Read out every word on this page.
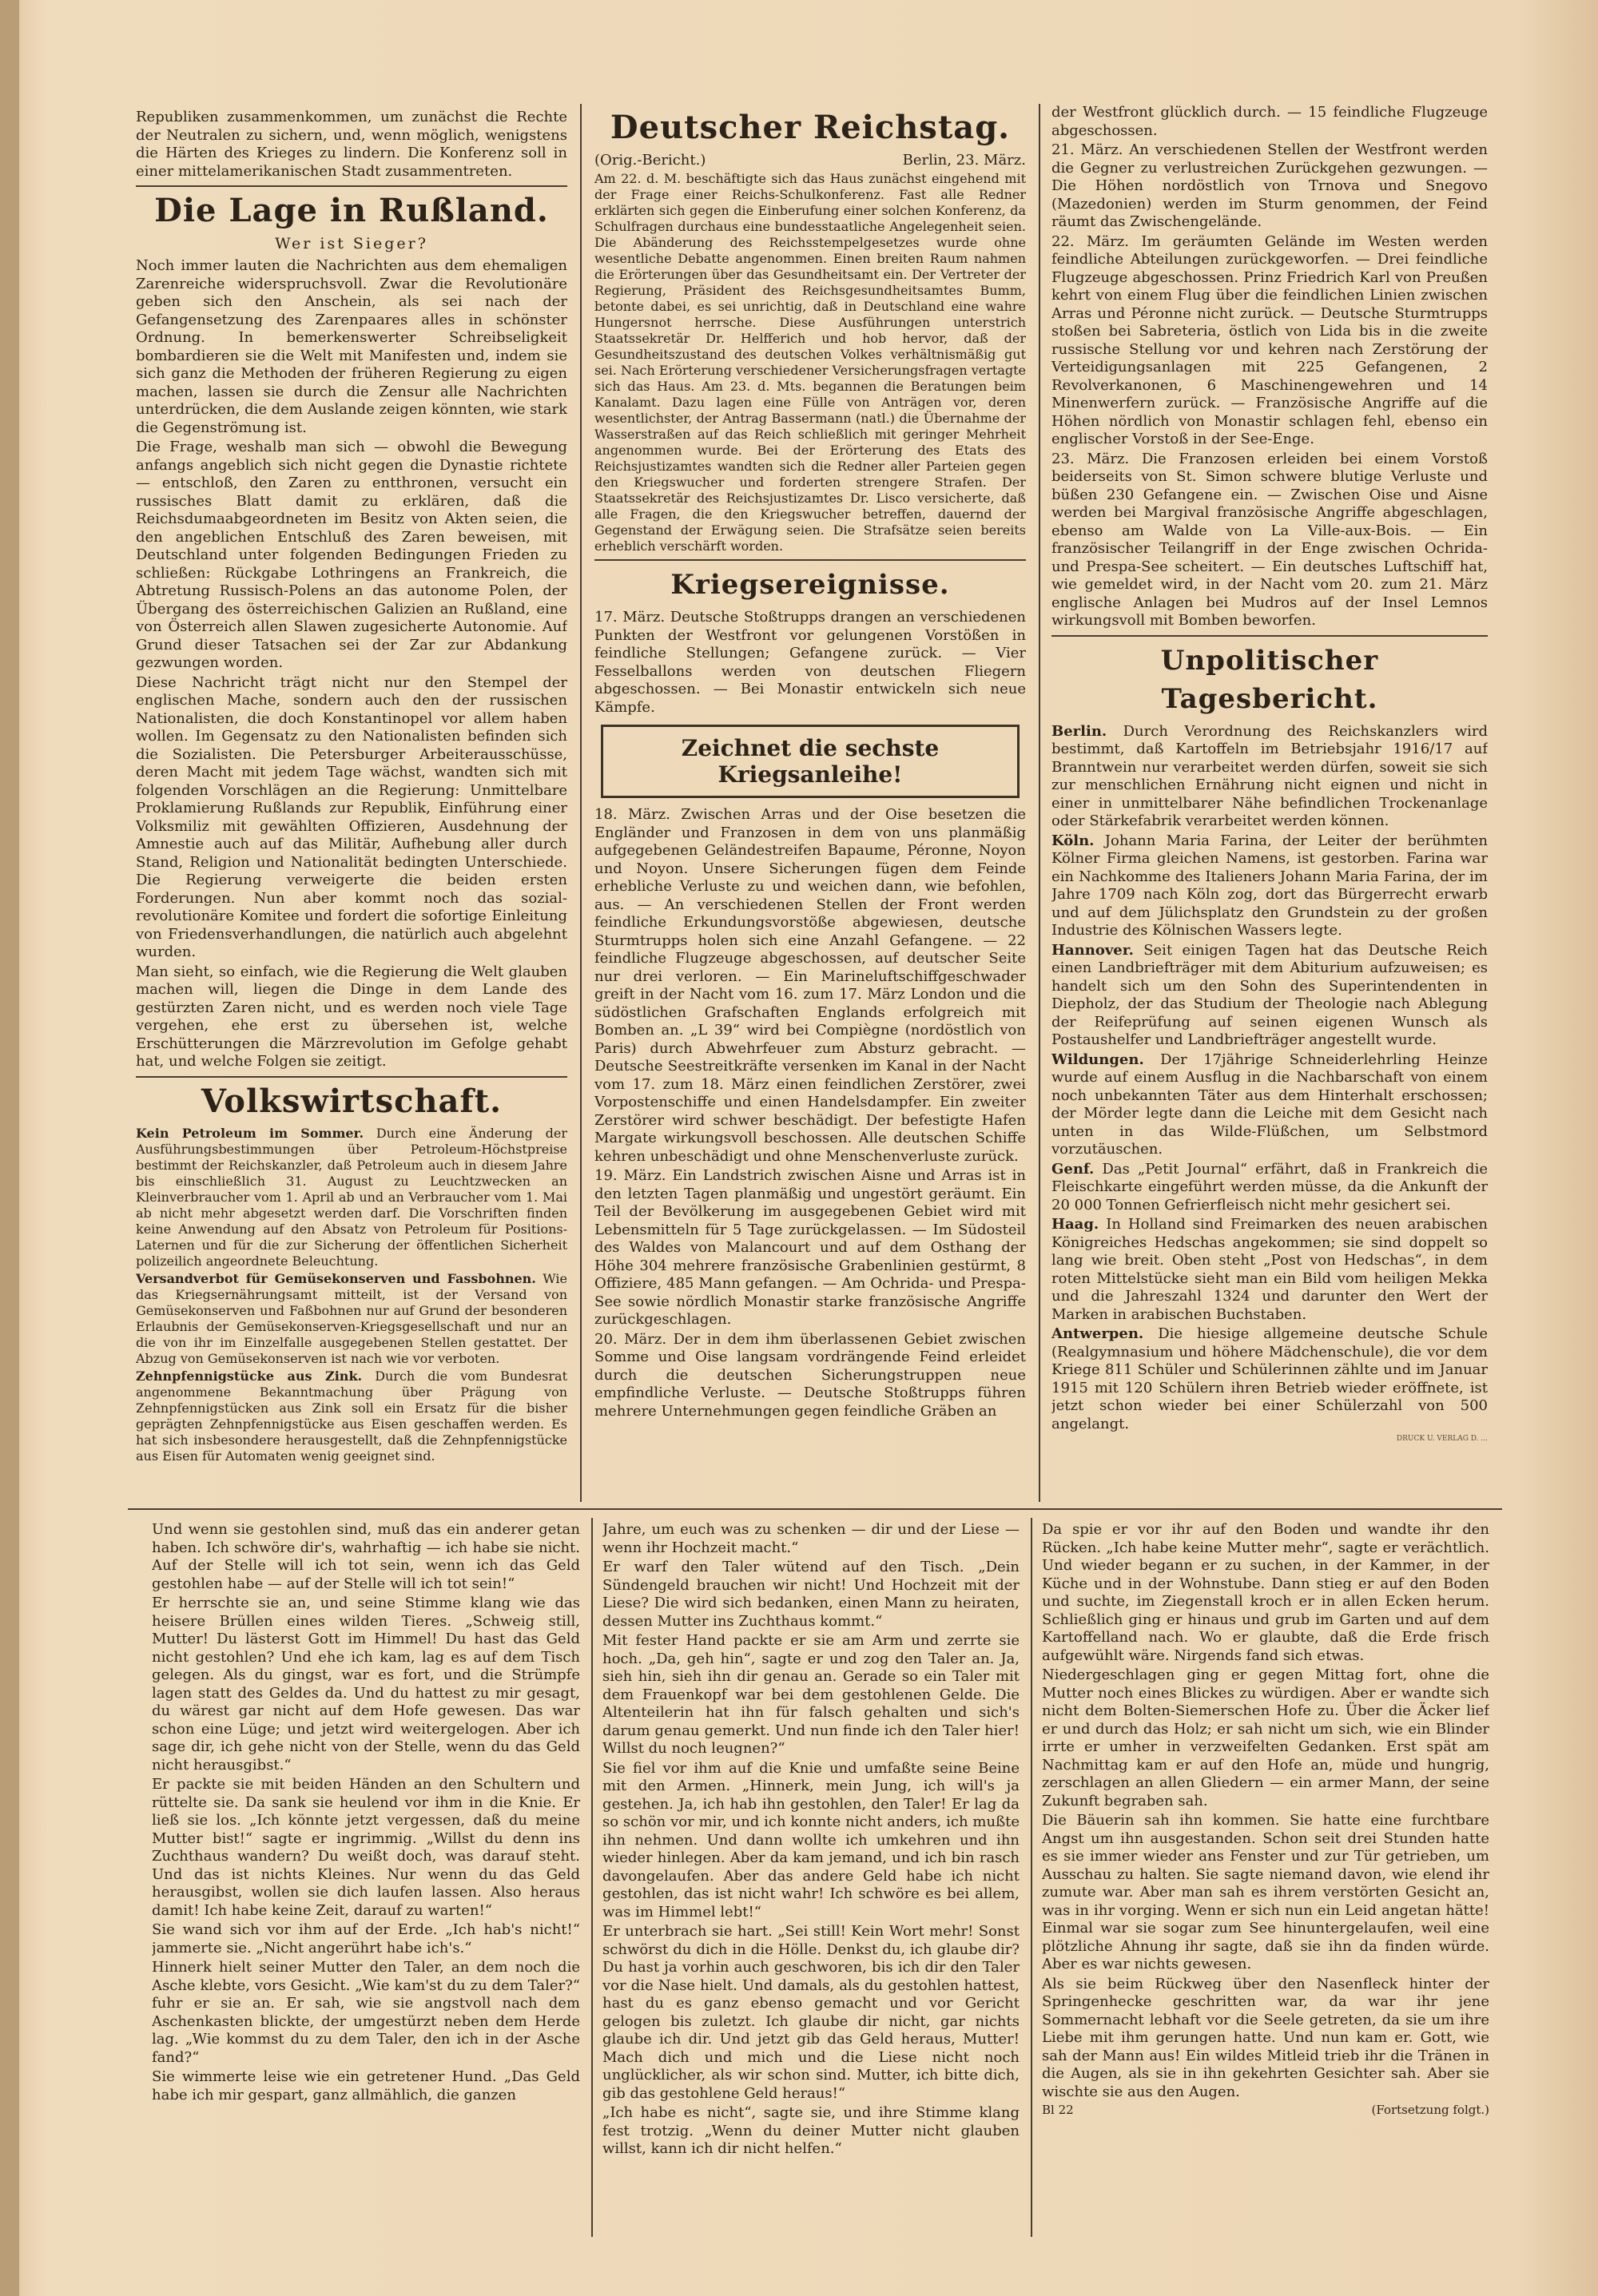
Republiken zusammenkommen, um zunächst die Rechte der Neutralen zu sichern, und, wenn möglich, wenigstens die Härten des Krieges zu lindern. Die Konferenz soll in einer mittelamerikanischen Stadt zusammentreten.

Die Lage in Rußland.
Wer ist Sieger?

Noch immer lauten die Nachrichten aus dem ehemaligen Zarenreiche widerspruchsvoll. Zwar die Revolutionäre geben sich den Anschein, als sei nach der Gefangensetzung des Zarenpaares alles in schönster Ordnung. In bemerkenswerter Schreibseligkeit bombardieren sie die Welt mit Manifesten und, indem sie sich ganz die Methoden der früheren Regierung zu eigen machen, lassen sie durch die Zensur alle Nachrichten unterdrücken, die dem Auslande zeigen könnten, wie stark die Gegenströmung ist.

Die Frage, weshalb man sich — obwohl die Bewegung anfangs angeblich sich nicht gegen die Dynastie richtete — entschloß, den Zaren zu entthronen, versucht ein russisches Blatt damit zu erklären, daß die Reichsdumaabgeordneten im Besitz von Akten seien, die den angeblichen Entschluß des Zaren beweisen, mit Deutschland unter folgenden Bedingungen Frieden zu schließen: Rückgabe Lothringens an Frankreich, die Abtretung Russisch-Polens an das autonome Polen, der Übergang des österreichischen Galizien an Rußland, eine von Österreich allen Slawen zugesicherte Autonomie. Auf Grund dieser Tatsachen sei der Zar zur Abdankung gezwungen worden.

Diese Nachricht trägt nicht nur den Stempel der englischen Mache, sondern auch den der russischen Nationalisten, die doch Konstantinopel vor allem haben wollen. Im Gegensatz zu den Nationalisten befinden sich die Sozialisten. Die Petersburger Arbeiterausschüsse, deren Macht mit jedem Tage wächst, wandten sich mit folgenden Vorschlägen an die Regierung: Unmittelbare Proklamierung Rußlands zur Republik, Einführung einer Volksmiliz mit gewählten Offizieren, Ausdehnung der Amnestie auch auf das Militär, Aufhebung aller durch Stand, Religion und Nationalität bedingten Unterschiede. Die Regierung verweigerte die beiden ersten Forderungen. Nun aber kommt noch das sozial-revolutionäre Komitee und fordert die sofortige Einleitung von Friedensverhandlungen, die natürlich auch abgelehnt wurden.

Man sieht, so einfach, wie die Regierung die Welt glauben machen will, liegen die Dinge in dem Lande des gestürzten Zaren nicht, und es werden noch viele Tage vergehen, ehe erst zu übersehen ist, welche Erschütterungen die Märzrevolution im Gefolge gehabt hat, und welche Folgen sie zeitigt.

Volkswirtschaft.

Kein Petroleum im Sommer. Durch eine Änderung der Ausführungsbestimmungen über Petroleum-Höchstpreise bestimmt der Reichskanzler, daß Petroleum auch in diesem Jahre bis einschließlich 31. August zu Leuchtzwecken an Kleinverbraucher vom 1. April ab und an Verbraucher vom 1. Mai ab nicht mehr abgesetzt werden darf. Die Vorschriften finden keine Anwendung auf den Absatz von Petroleum für Positions-Laternen und für die zur Sicherung der öffentlichen Sicherheit polizeilich angeordnete Beleuchtung.

Versandverbot für Gemüsekonserven und Fassbohnen. Wie das Kriegsernährungsamt mitteilt, ist der Versand von Gemüsekonserven und Faßbohnen nur auf Grund der besonderen Erlaubnis der Gemüsekonserven-Kriegsgesellschaft und nur an die von ihr im Einzelfalle ausgegebenen Stellen gestattet. Der Abzug von Gemüsekonserven ist nach wie vor verboten.

Zehnpfennigstücke aus Zink. Durch die vom Bundesrat angenommene Bekanntmachung über Prägung von Zehnpfennigstücken aus Zink soll ein Ersatz für die bisher geprägten Zehnpfennigstücke aus Eisen geschaffen werden. Es hat sich insbesondere herausgestellt, daß die Zehnpfennigstücke aus Eisen für Automaten wenig geeignet sind.

Deutscher Reichstag.
(Orig.-Bericht.)	Berlin, 23. März.

Am 22. d. M. beschäftigte sich das Haus zunächst eingehend mit der Frage einer Reichs-Schulkonferenz. Fast alle Redner erklärten sich gegen die Einberufung einer solchen Konferenz, da Schulfragen durchaus eine bundesstaatliche Angelegenheit seien. Die Abänderung des Reichsstempelgesetzes wurde ohne wesentliche Debatte angenommen. Einen breiten Raum nahmen die Erörterungen über das Gesundheitsamt ein. Der Vertreter der Regierung, Präsident des Reichsgesundheitsamtes Bumm, betonte dabei, es sei unrichtig, daß in Deutschland eine wahre Hungersnot herrsche. Diese Ausführungen unterstrich Staatssekretär Dr. Helfferich und hob hervor, daß der Gesundheitszustand des deutschen Volkes verhältnismäßig gut sei. Nach Erörterung verschiedener Versicherungsfragen vertagte sich das Haus. Am 23. d. Mts. begannen die Beratungen beim Kanalamt. Dazu lagen eine Fülle von Anträgen vor, deren wesentlichster, der Antrag Bassermann (natl.) die Übernahme der Wasserstraßen auf das Reich schließlich mit geringer Mehrheit angenommen wurde. Bei der Erörterung des Etats des Reichsjustizamtes wandten sich die Redner aller Parteien gegen den Kriegswucher und forderten strengere Strafen. Der Staatssekretär des Reichsjustizamtes Dr. Lisco versicherte, daß alle Fragen, die den Kriegswucher betreffen, dauernd der Gegenstand der Erwägung seien. Die Strafsätze seien bereits erheblich verschärft worden.

Kriegsereignisse.

17. März. Deutsche Stoßtrupps drangen an verschiedenen Punkten der Westfront vor gelungenen Vorstößen in feindliche Stellungen; Gefangene zurück. — Vier Fesselballons werden von deutschen Fliegern abgeschossen. — Bei Monastir entwickeln sich neue Kämpfe.

Zeichnet die sechste Kriegsanleihe!

18. März. Zwischen Arras und der Oise besetzen die Engländer und Franzosen in dem von uns planmäßig aufgegebenen Geländestreifen Bapaume, Péronne, Noyon und Noyon. Unsere Sicherungen fügen dem Feinde erhebliche Verluste zu und weichen dann, wie befohlen, aus. — An verschiedenen Stellen der Front werden feindliche Erkundungsvorstöße abgewiesen, deutsche Sturmtrupps holen sich eine Anzahl Gefangene. — 22 feindliche Flugzeuge abgeschossen, auf deutscher Seite nur drei verloren. — Ein Marineluftschiffgeschwader greift in der Nacht vom 16. zum 17. März London und die südöstlichen Grafschaften Englands erfolgreich mit Bomben an. „L 39“ wird bei Compiègne (nordöstlich von Paris) durch Abwehrfeuer zum Absturz gebracht. — Deutsche Seestreitkräfte versenken im Kanal in der Nacht vom 17. zum 18. März einen feindlichen Zerstörer, zwei Vorpostenschiffe und einen Handelsdampfer. Ein zweiter Zerstörer wird schwer beschädigt. Der befestigte Hafen Margate wirkungsvoll beschossen. Alle deutschen Schiffe kehren unbeschädigt und ohne Menschenverluste zurück.

19. März. Ein Landstrich zwischen Aisne und Arras ist in den letzten Tagen planmäßig und ungestört geräumt. Ein Teil der Bevölkerung im ausgegebenen Gebiet wird mit Lebensmitteln für 5 Tage zurückgelassen. — Im Südosteil des Waldes von Malancourt und auf dem Osthang der Höhe 304 mehrere französische Grabenlinien gestürmt, 8 Offiziere, 485 Mann gefangen. — Am Ochrida- und Prespa-See sowie nördlich Monastir starke französische Angriffe zurückgeschlagen.

20. März. Der in dem ihm überlassenen Gebiet zwischen Somme und Oise langsam vordrängende Feind erleidet durch die deutschen Sicherungstruppen neue empfindliche Verluste. — Deutsche Stoßtrupps führen mehrere Unternehmungen gegen feindliche Gräben an

der Westfront glücklich durch. — 15 feindliche Flugzeuge abgeschossen.

21. März. An verschiedenen Stellen der Westfront werden die Gegner zu verlustreichen Zurückgehen gezwungen. — Die Höhen nordöstlich von Trnova und Snegovo (Mazedonien) werden im Sturm genommen, der Feind räumt das Zwischengelände.

22. März. Im geräumten Gelände im Westen werden feindliche Abteilungen zurückgeworfen. — Drei feindliche Flugzeuge abgeschossen. Prinz Friedrich Karl von Preußen kehrt von einem Flug über die feindlichen Linien zwischen Arras und Péronne nicht zurück. — Deutsche Sturmtrupps stoßen bei Sabreteria, östlich von Lida bis in die zweite russische Stellung vor und kehren nach Zerstörung der Verteidigungsanlagen mit 225 Gefangenen, 2 Revolverkanonen, 6 Maschinengewehren und 14 Minenwerfern zurück. — Französische Angriffe auf die Höhen nördlich von Monastir schlagen fehl, ebenso ein englischer Vorstoß in der See-Enge.

23. März. Die Franzosen erleiden bei einem Vorstoß beiderseits von St. Simon schwere blutige Verluste und büßen 230 Gefangene ein. — Zwischen Oise und Aisne werden bei Margival französische Angriffe abgeschlagen, ebenso am Walde von La Ville-aux-Bois. — Ein französischer Teilangriff in der Enge zwischen Ochrida- und Prespa-See scheitert. — Ein deutsches Luftschiff hat, wie gemeldet wird, in der Nacht vom 20. zum 21. März englische Anlagen bei Mudros auf der Insel Lemnos wirkungsvoll mit Bomben beworfen.

Unpolitischer Tagesbericht.

Berlin. Durch Verordnung des Reichskanzlers wird bestimmt, daß Kartoffeln im Betriebsjahr 1916/17 auf Branntwein nur verarbeitet werden dürfen, soweit sie sich zur menschlichen Ernährung nicht eignen und nicht in einer in unmittelbarer Nähe befindlichen Trockenanlage oder Stärkefabrik verarbeitet werden können.

Köln. Johann Maria Farina, der Leiter der berühmten Kölner Firma gleichen Namens, ist gestorben. Farina war ein Nachkomme des Italieners Johann Maria Farina, der im Jahre 1709 nach Köln zog, dort das Bürgerrecht erwarb und auf dem Jülichsplatz den Grundstein zu der großen Industrie des Kölnischen Wassers legte.

Hannover. Seit einigen Tagen hat das Deutsche Reich einen Landbriefträger mit dem Abiturium aufzuweisen; es handelt sich um den Sohn des Superintendenten in Diepholz, der das Studium der Theologie nach Ablegung der Reifeprüfung auf seinen eigenen Wunsch als Postaushelfer und Landbriefträger angestellt wurde.

Wildungen. Der 17jährige Schneiderlehrling Heinze wurde auf einem Ausflug in die Nachbarschaft von einem noch unbekannten Täter aus dem Hinterhalt erschossen; der Mörder legte dann die Leiche mit dem Gesicht nach unten in das Wilde-Flüßchen, um Selbstmord vorzutäuschen.

Genf. Das „Petit Journal“ erfährt, daß in Frankreich die Fleischkarte eingeführt werden müsse, da die Ankunft der 20 000 Tonnen Gefrierfleisch nicht mehr gesichert sei.

Haag. In Holland sind Freimarken des neuen arabischen Königreiches Hedschas angekommen; sie sind doppelt so lang wie breit. Oben steht „Post von Hedschas“, in dem roten Mittelstücke sieht man ein Bild vom heiligen Mekka und die Jahreszahl 1324 und darunter den Wert der Marken in arabischen Buchstaben.

Antwerpen. Die hiesige allgemeine deutsche Schule (Realgymnasium und höhere Mädchenschule), die vor dem Kriege 811 Schüler und Schülerinnen zählte und im Januar 1915 mit 120 Schülern ihren Betrieb wieder eröffnete, ist jetzt schon wieder bei einer Schülerzahl von 500 angelangt.

DRUCK U. VERLAG D. ...

Und wenn sie gestohlen sind, muß das ein anderer getan haben. Ich schwöre dir's, wahrhaftig — ich habe sie nicht. Auf der Stelle will ich tot sein, wenn ich das Geld gestohlen habe — auf der Stelle will ich tot sein!“

Er herrschte sie an, und seine Stimme klang wie das heisere Brüllen eines wilden Tieres. „Schweig still, Mutter! Du lästerst Gott im Himmel! Du hast das Geld nicht gestohlen? Und ehe ich kam, lag es auf dem Tisch gelegen. Als du gingst, war es fort, und die Strümpfe lagen statt des Geldes da. Und du hattest zu mir gesagt, du wärest gar nicht auf dem Hofe gewesen. Das war schon eine Lüge; und jetzt wird weitergelogen. Aber ich sage dir, ich gehe nicht von der Stelle, wenn du das Geld nicht herausgibst.“

Er packte sie mit beiden Händen an den Schultern und rüttelte sie. Da sank sie heulend vor ihm in die Knie. Er ließ sie los. „Ich könnte jetzt vergessen, daß du meine Mutter bist!“ sagte er ingrimmig. „Willst du denn ins Zuchthaus wandern? Du weißt doch, was darauf steht. Und das ist nichts Kleines. Nur wenn du das Geld herausgibst, wollen sie dich laufen lassen. Also heraus damit! Ich habe keine Zeit, darauf zu warten!“

Sie wand sich vor ihm auf der Erde. „Ich hab's nicht!“ jammerte sie. „Nicht angerührt habe ich's.“

Hinnerk hielt seiner Mutter den Taler, an dem noch die Asche klebte, vors Gesicht. „Wie kam'st du zu dem Taler?“ fuhr er sie an. Er sah, wie sie angstvoll nach dem Aschenkasten blickte, der umgestürzt neben dem Herde lag. „Wie kommst du zu dem Taler, den ich in der Asche fand?“

Sie wimmerte leise wie ein getretener Hund. „Das Geld habe ich mir gespart, ganz allmählich, die ganzen

Jahre, um euch was zu schenken — dir und der Liese — wenn ihr Hochzeit macht.“

Er warf den Taler wütend auf den Tisch. „Dein Sündengeld brauchen wir nicht! Und Hochzeit mit der Liese? Die wird sich bedanken, einen Mann zu heiraten, dessen Mutter ins Zuchthaus kommt.“

Mit fester Hand packte er sie am Arm und zerrte sie hoch. „Da, geh hin“, sagte er und zog den Taler an. Ja, sieh hin, sieh ihn dir genau an. Gerade so ein Taler mit dem Frauenkopf war bei dem gestohlenen Gelde. Die Altenteilerin hat ihn für falsch gehalten und sich's darum genau gemerkt. Und nun finde ich den Taler hier! Willst du noch leugnen?“

Sie fiel vor ihm auf die Knie und umfaßte seine Beine mit den Armen. „Hinnerk, mein Jung, ich will's ja gestehen. Ja, ich hab ihn gestohlen, den Taler! Er lag da so schön vor mir, und ich konnte nicht anders, ich mußte ihn nehmen. Und dann wollte ich umkehren und ihn wieder hinlegen. Aber da kam jemand, und ich bin rasch davongelaufen. Aber das andere Geld habe ich nicht gestohlen, das ist nicht wahr! Ich schwöre es bei allem, was im Himmel lebt!“

Er unterbrach sie hart. „Sei still! Kein Wort mehr! Sonst schwörst du dich in die Hölle. Denkst du, ich glaube dir? Du hast ja vorhin auch geschworen, bis ich dir den Taler vor die Nase hielt. Und damals, als du gestohlen hattest, hast du es ganz ebenso gemacht und vor Gericht gelogen bis zuletzt. Ich glaube dir nicht, gar nichts glaube ich dir. Und jetzt gib das Geld heraus, Mutter! Mach dich und mich und die Liese nicht noch unglücklicher, als wir schon sind. Mutter, ich bitte dich, gib das gestohlene Geld heraus!“

„Ich habe es nicht“, sagte sie, und ihre Stimme klang fest trotzig. „Wenn du deiner Mutter nicht glauben willst, kann ich dir nicht helfen.“

Da spie er vor ihr auf den Boden und wandte ihr den Rücken. „Ich habe keine Mutter mehr“, sagte er verächtlich. Und wieder begann er zu suchen, in der Kammer, in der Küche und in der Wohnstube. Dann stieg er auf den Boden und suchte, im Ziegenstall kroch er in allen Ecken herum. Schließlich ging er hinaus und grub im Garten und auf dem Kartoffelland nach. Wo er glaubte, daß die Erde frisch aufgewühlt wäre. Nirgends fand sich etwas.

Niedergeschlagen ging er gegen Mittag fort, ohne die Mutter noch eines Blickes zu würdigen. Aber er wandte sich nicht dem Bolten-Siemerschen Hofe zu. Über die Äcker lief er und durch das Holz; er sah nicht um sich, wie ein Blinder irrte er umher in verzweifelten Gedanken. Erst spät am Nachmittag kam er auf den Hofe an, müde und hungrig, zerschlagen an allen Gliedern — ein armer Mann, der seine Zukunft begraben sah.

Die Bäuerin sah ihn kommen. Sie hatte eine furchtbare Angst um ihn ausgestanden. Schon seit drei Stunden hatte es sie immer wieder ans Fenster und zur Tür getrieben, um Ausschau zu halten. Sie sagte niemand davon, wie elend ihr zumute war. Aber man sah es ihrem verstörten Gesicht an, was in ihr vorging. Wenn er sich nun ein Leid angetan hätte! Einmal war sie sogar zum See hinuntergelaufen, weil eine plötzliche Ahnung ihr sagte, daß sie ihn da finden würde. Aber es war nichts gewesen.

Als sie beim Rückweg über den Nasenfleck hinter der Springenhecke geschritten war, da war ihr jene Sommernacht lebhaft vor die Seele getreten, da sie um ihre Liebe mit ihm gerungen hatte. Und nun kam er. Gott, wie sah der Mann aus! Ein wildes Mitleid trieb ihr die Tränen in die Augen, als sie in ihn gekehrten Gesichter sah. Aber sie wischte sie aus den Augen.

Bl 22	(Fortsetzung folgt.)
